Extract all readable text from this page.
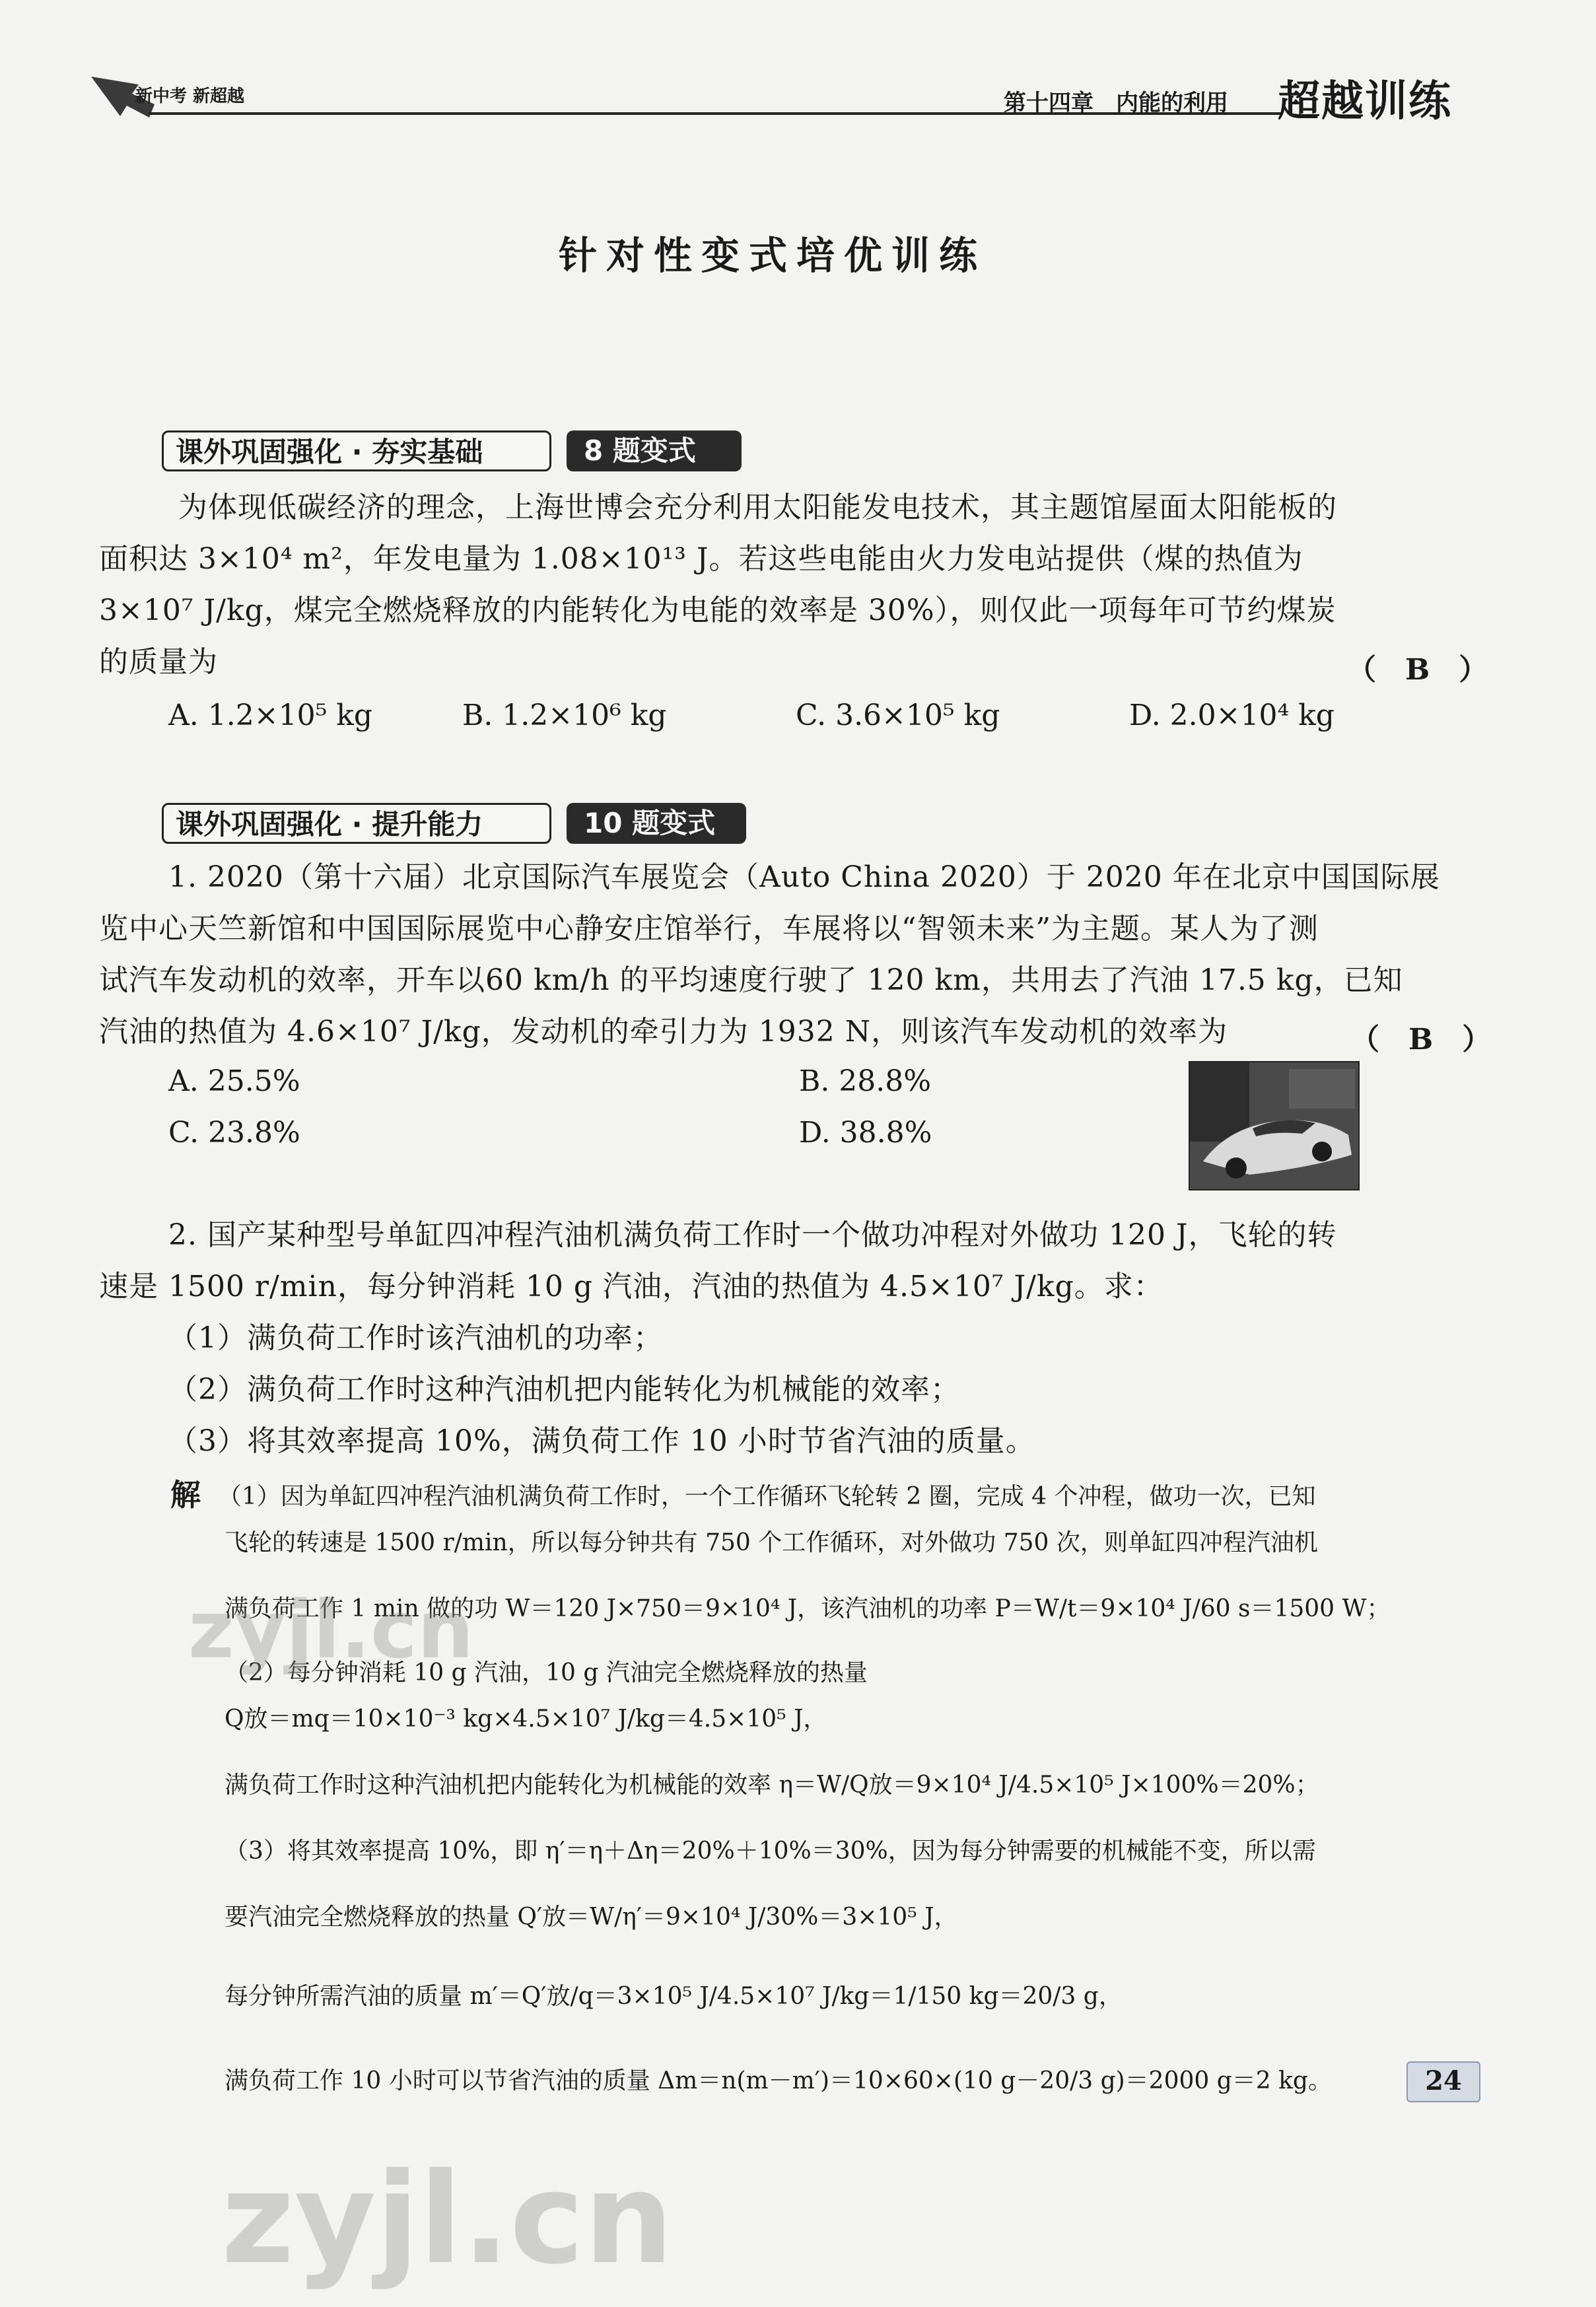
新中考 新超越	第十四章　内能的利用 超越训练
针对性变式培优训练
课外巩固强化 · 夯实基础	8 题变式
为体现低碳经济的理念，上海世博会充分利用太阳能发电技术，其主题馆屋面太阳能板的
面积达 3×10⁴ m²，年发电量为 1.08×10¹³ J。若这些电能由火力发电站提供（煤的热值为
3×10⁷ J/kg，煤完全燃烧释放的内能转化为电能的效率是 30%），则仅此一项每年可节约煤炭
的质量为	（　B　）
A. 1.2×10⁵ kg	B. 1.2×10⁶ kg	C. 3.6×10⁵ kg	D. 2.0×10⁴ kg
课外巩固强化 · 提升能力	10 题变式
1. 2020（第十六届）北京国际汽车展览会（Auto China 2020）于 2020 年在北京中国国际展
览中心天竺新馆和中国国际展览中心静安庄馆举行，车展将以“智领未来”为主题。某人为了测
试汽车发动机的效率，开车以60 km/h 的平均速度行驶了 120 km，共用去了汽油 17.5 kg，已知
汽油的热值为 4.6×10⁷ J/kg，发动机的牵引力为 1932 N，则该汽车发动机的效率为	（　B　）
A. 25.5%	B. 28.8%
C. 23.8%	D. 38.8%
2. 国产某种型号单缸四冲程汽油机满负荷工作时一个做功冲程对外做功 120 J，飞轮的转
速是 1500 r/min，每分钟消耗 10 g 汽油，汽油的热值为 4.5×10⁷ J/kg。求：
（1）满负荷工作时该汽油机的功率；
（2）满负荷工作时这种汽油机把内能转化为机械能的效率；
（3）将其效率提高 10%，满负荷工作 10 小时节省汽油的质量。
解 （1）因为单缸四冲程汽油机满负荷工作时，一个工作循环飞轮转 2 圈，完成 4 个冲程，做功一次，已知
飞轮的转速是 1500 r/min，所以每分钟共有 750 个工作循环，对外做功 750 次，则单缸四冲程汽油机
满负荷工作 1 min 做的功 W＝120 J×750＝9×10⁴ J，该汽油机的功率 P＝W/t＝9×10⁴ J/60 s＝1500 W；
（2）每分钟消耗 10 g 汽油，10 g 汽油完全燃烧释放的热量
Q放＝mq＝10×10⁻³ kg×4.5×10⁷ J/kg＝4.5×10⁵ J，
满负荷工作时这种汽油机把内能转化为机械能的效率 η＝W/Q放＝9×10⁴ J/4.5×10⁵ J×100%＝20%；
（3）将其效率提高 10%，即 η′＝η＋Δη＝20%＋10%＝30%，因为每分钟需要的机械能不变，所以需
要汽油完全燃烧释放的热量 Q′放＝W/η′＝9×10⁴ J/30%＝3×10⁵ J，
每分钟所需汽油的质量 m′＝Q′放/q＝3×10⁵ J/4.5×10⁷ J/kg＝1/150 kg＝20/3 g，
满负荷工作 10 小时可以节省汽油的质量 Δm＝n(m－m′)＝10×60×(10 g－20/3 g)＝2000 g＝2 kg。
zyjl.cn
zyjl.cn
24
